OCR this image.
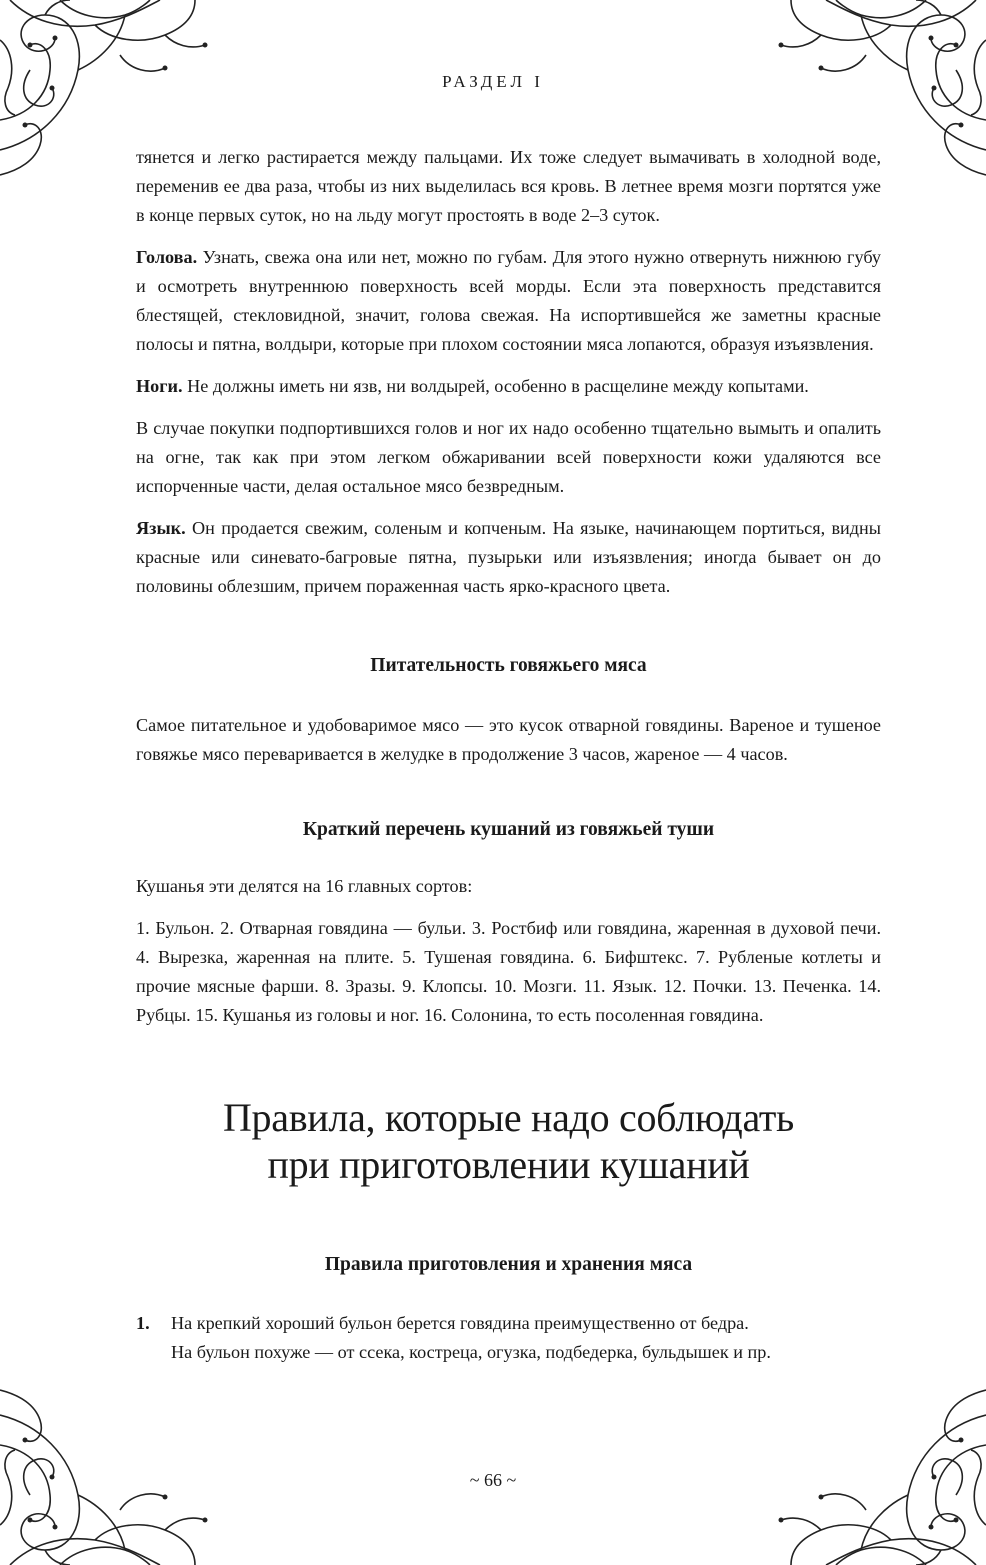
РАЗДЕЛ I

тянется и легко растирается между пальцами. Их тоже следует вымачивать в холодной воде, переменив ее два раза, чтобы из них выделилась вся кровь. В летнее время мозги портятся уже в конце первых суток, но на льду могут простоять в воде 2–3 суток.

Голова. Узнать, свежа она или нет, можно по губам. Для этого нужно отвернуть нижнюю губу и осмотреть внутреннюю поверхность всей морды. Если эта поверхность представится блестящей, стекловидной, значит, голова свежая. На испортившейся же заметны красные полосы и пятна, волдыри, которые при плохом состоянии мяса лопаются, образуя изъязвления.

Ноги. Не должны иметь ни язв, ни волдырей, особенно в расщелине между копытами.

В случае покупки подпортившихся голов и ног их надо особенно тщательно вымыть и опалить на огне, так как при этом легком обжаривании всей поверхности кожи удаляются все испорченные части, делая остальное мясо безвредным.

Язык. Он продается свежим, соленым и копченым. На языке, начинающем портиться, видны красные или синевато-багровые пятна, пузырьки или изъязвления; иногда бывает он до половины облезшим, причем пораженная часть ярко-красного цвета.

Питательность говяжьего мяса

Самое питательное и удобоваримое мясо — это кусок отварной говядины. Вареное и тушеное говяжье мясо переваривается в желудке в продолжение 3 часов, жареное — 4 часов.

Краткий перечень кушаний из говяжьей туши

Кушанья эти делятся на 16 главных сортов:

1. Бульон. 2. Отварная говядина — бульи. 3. Ростбиф или говядина, жаренная в духовой печи. 4. Вырезка, жаренная на плите. 5. Тушеная говядина. 6. Бифштекс. 7. Рубленые котлеты и прочие мясные фарши. 8. Зразы. 9. Клопсы. 10. Мозги. 11. Язык. 12. Почки. 13. Печенка. 14. Рубцы. 15. Кушанья из головы и ног. 16. Солонина, то есть посоленная говядина.

Правила, которые надо соблюдать
при приготовлении кушаний
Правила приготовления и хранения мяса
1.	На крепкий хороший бульон берется говядина преимущественно от бедра.
На бульон похуже — от ссека, костреца, огузка, подбедерка, бульдышек и пр.
~ 66 ~
